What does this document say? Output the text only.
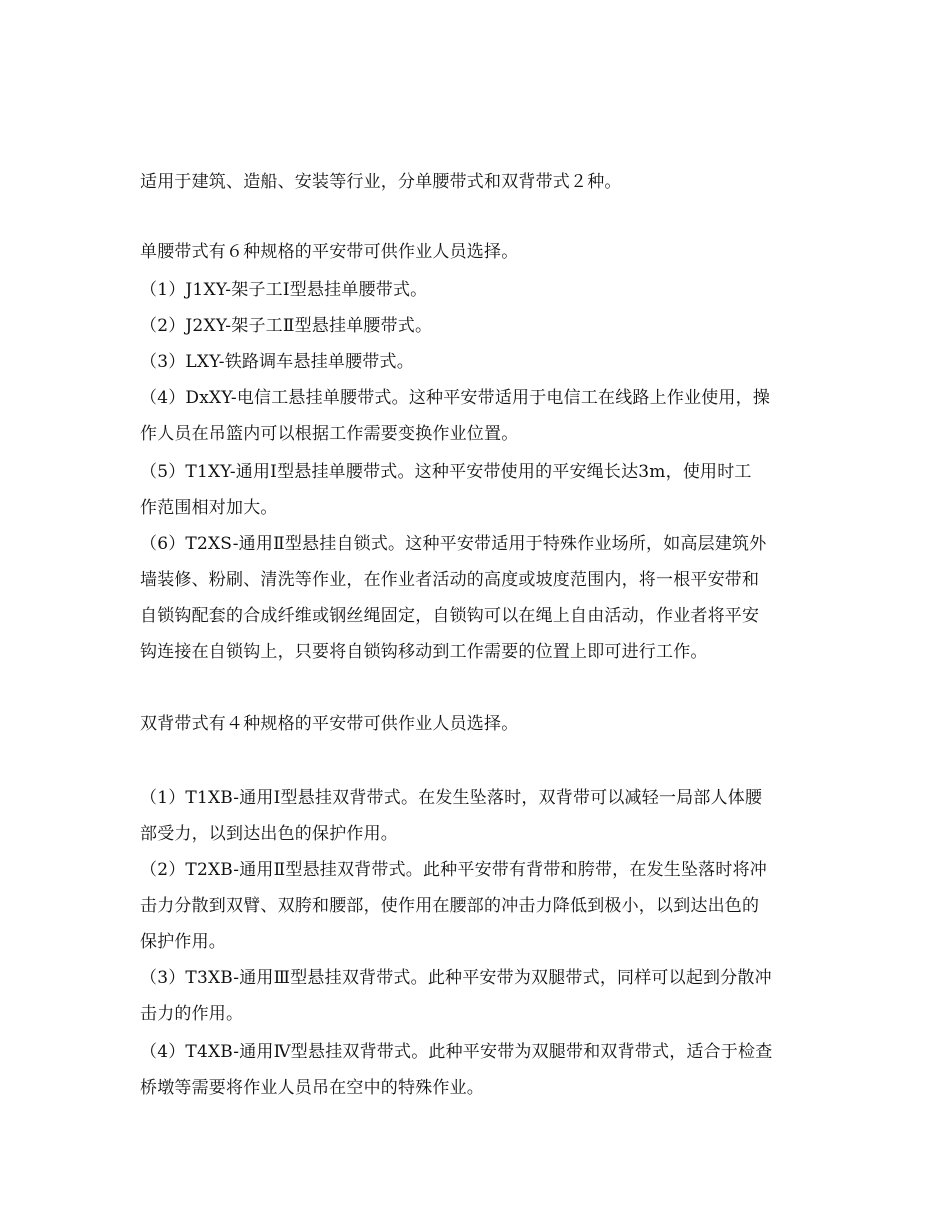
适用于建筑、造船、安装等行业，分单腰带式和双背带式２种。
单腰带式有６种规格的平安带可供作业人员选择。
（1）J1XY-架子工Ⅰ型悬挂单腰带式。
（2）J2XY-架子工Ⅱ型悬挂单腰带式。
（3）LXY-铁路调车悬挂单腰带式。
（4）DxXY-电信工悬挂单腰带式。这种平安带适用于电信工在线路上作业使用，操
作人员在吊篮内可以根据工作需要变换作业位置。
（5）T1XY-通用Ⅰ型悬挂单腰带式。这种平安带使用的平安绳长达3m，使用时工
作范围相对加大。
（6）T2XS-通用Ⅱ型悬挂自锁式。这种平安带适用于特殊作业场所，如高层建筑外
墙装修、粉刷、清洗等作业，在作业者活动的高度或坡度范围内，将一根平安带和
自锁钩配套的合成纤维或钢丝绳固定，自锁钩可以在绳上自由活动，作业者将平安
钩连接在自锁钩上，只要将自锁钩移动到工作需要的位置上即可进行工作。
双背带式有４种规格的平安带可供作业人员选择。
（1）T1XB-通用Ⅰ型悬挂双背带式。在发生坠落时，双背带可以减轻一局部人体腰
部受力，以到达出色的保护作用。
（2）T2XB-通用Ⅱ型悬挂双背带式。此种平安带有背带和胯带，在发生坠落时将冲
击力分散到双臂、双胯和腰部，使作用在腰部的冲击力降低到极小，以到达出色的
保护作用。
（3）T3XB-通用Ⅲ型悬挂双背带式。此种平安带为双腿带式，同样可以起到分散冲
击力的作用。
（4）T4XB-通用Ⅳ型悬挂双背带式。此种平安带为双腿带和双背带式，适合于检查
桥墩等需要将作业人员吊在空中的特殊作业。
